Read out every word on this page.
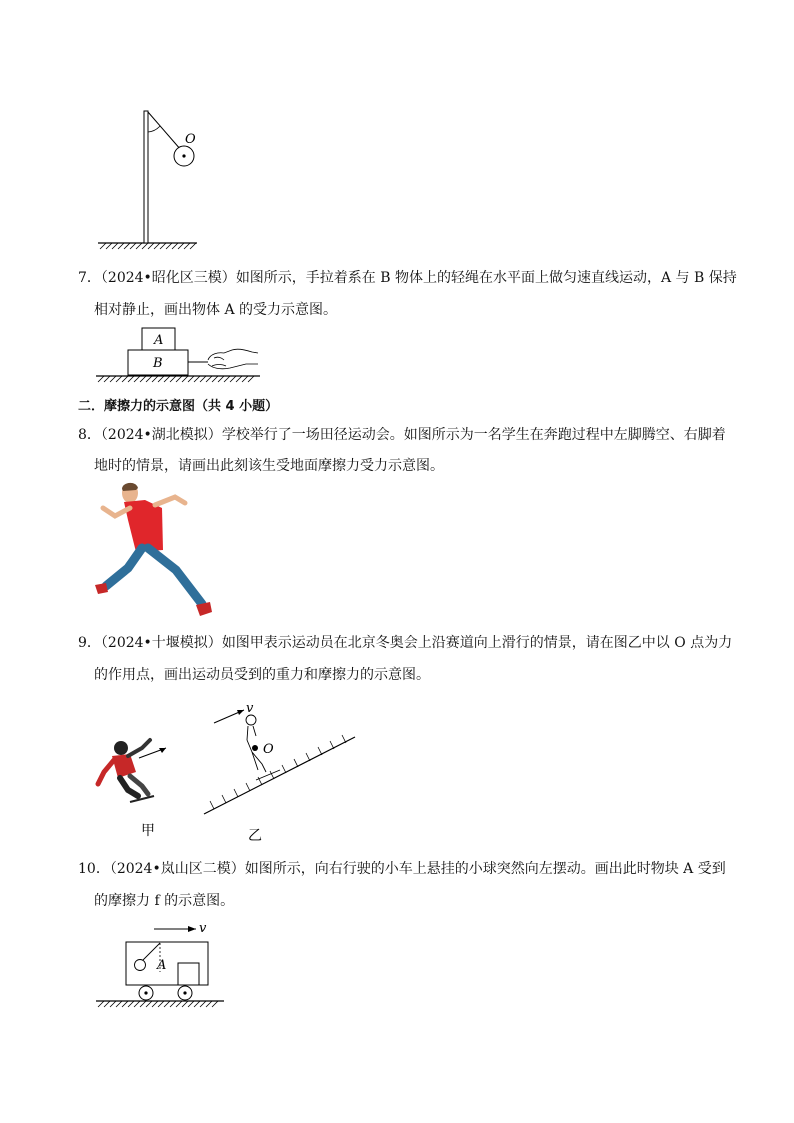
O
7．（2024•昭化区三模）如图所示，手拉着系在 B 物体上的轻绳在水平面上做匀速直线运动，A 与 B 保持
相对静止，画出物体 A 的受力示意图。
A
B
二．摩擦力的示意图（共 4 小题）
8．（2024•湖北模拟）学校举行了一场田径运动会。如图所示为一名学生在奔跑过程中左脚腾空、右脚着
地时的情景，请画出此刻该生受地面摩擦力受力示意图。
9．（2024•十堰模拟）如图甲表示运动员在北京冬奥会上沿赛道向上滑行的情景，请在图乙中以 O 点为力
的作用点，画出运动员受到的重力和摩擦力的示意图。
v
O
甲	乙
10．（2024•岚山区二模）如图所示，向右行驶的小车上悬挂的小球突然向左摆动。画出此时物块 A 受到
的摩擦力 f 的示意图。
v
A
